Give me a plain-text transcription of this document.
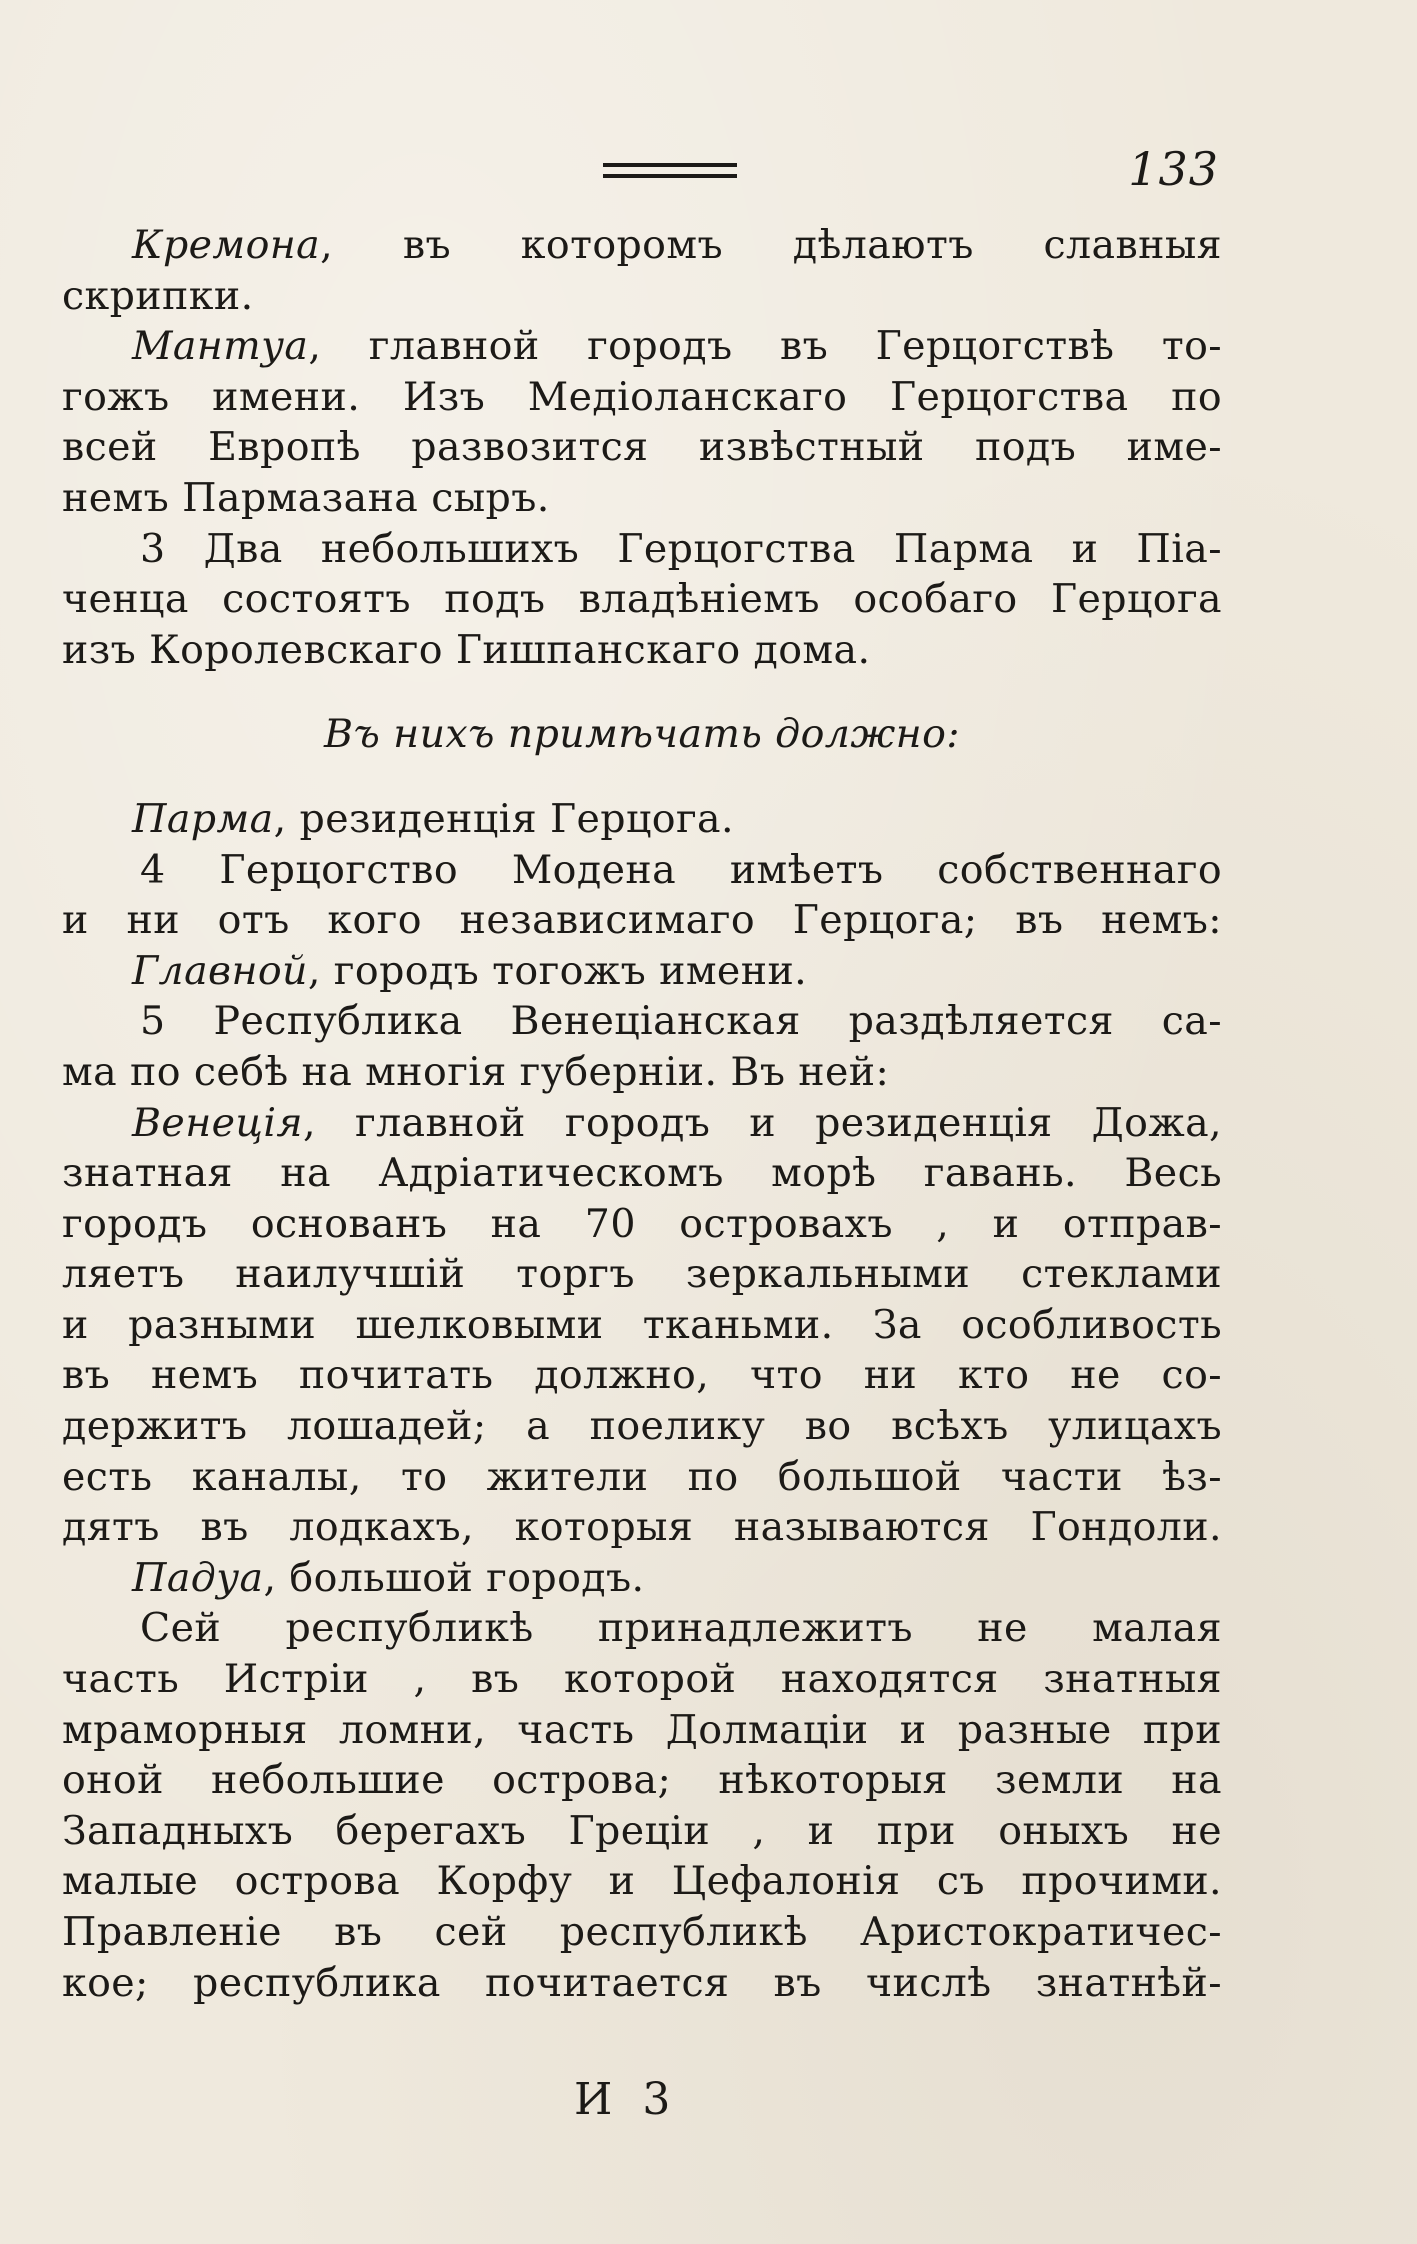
133
Кремона, въ которомъ дѣлаютъ славныя
скрипки.
Мантуа, главной городъ въ Герцогствѣ то-
гожъ имени. Изъ Медіоланскаго Герцогства по
всей Европѣ развозится извѣстный подъ име-
немъ Пармазана сыръ.
3 Два небольшихъ Герцогства Парма и Піа-
ченца состоятъ подъ владѣніемъ особаго Герцога
изъ Королевскаго Гишпанскаго дома.
Въ нихъ примѣчать должно:
Парма, резиденція Герцога.
4 Герцогство Модена имѣетъ собственнаго
и ни отъ кого независимаго Герцога; въ немъ:
Главной, городъ тогожъ имени.
5 Республика Венеціанская раздѣляется са-
ма по себѣ на многія губерніи. Въ ней:
Венеція, главной городъ и резиденція Дожа,
знатная на Адріатическомъ морѣ гавань. Весь
городъ основанъ на 70 островахъ , и отправ-
ляетъ наилучшій торгъ зеркальными стеклами
и разными шелковыми тканьми. За особливость
въ немъ почитать должно, что ни кто не со-
держитъ лошадей; а поелику во всѣхъ улицахъ
есть каналы, то жители по большой части ѣз-
дятъ въ лодкахъ, которыя называются Гондоли.
Падуа, большой городъ.
Сей республикѣ принадлежитъ не малая
часть Истріи , въ которой находятся знатныя
мраморныя ломни, часть Долмаціи и разные при
оной небольшие острова; нѣкоторыя земли на
Западныхъ берегахъ Греціи , и при оныхъ не
малые острова Корфу и Цефалонія съ прочими.
Правленіе въ сей республикѣ Аристократичес-
кое; республика почитается въ числѣ знатнѣй-
И 3
